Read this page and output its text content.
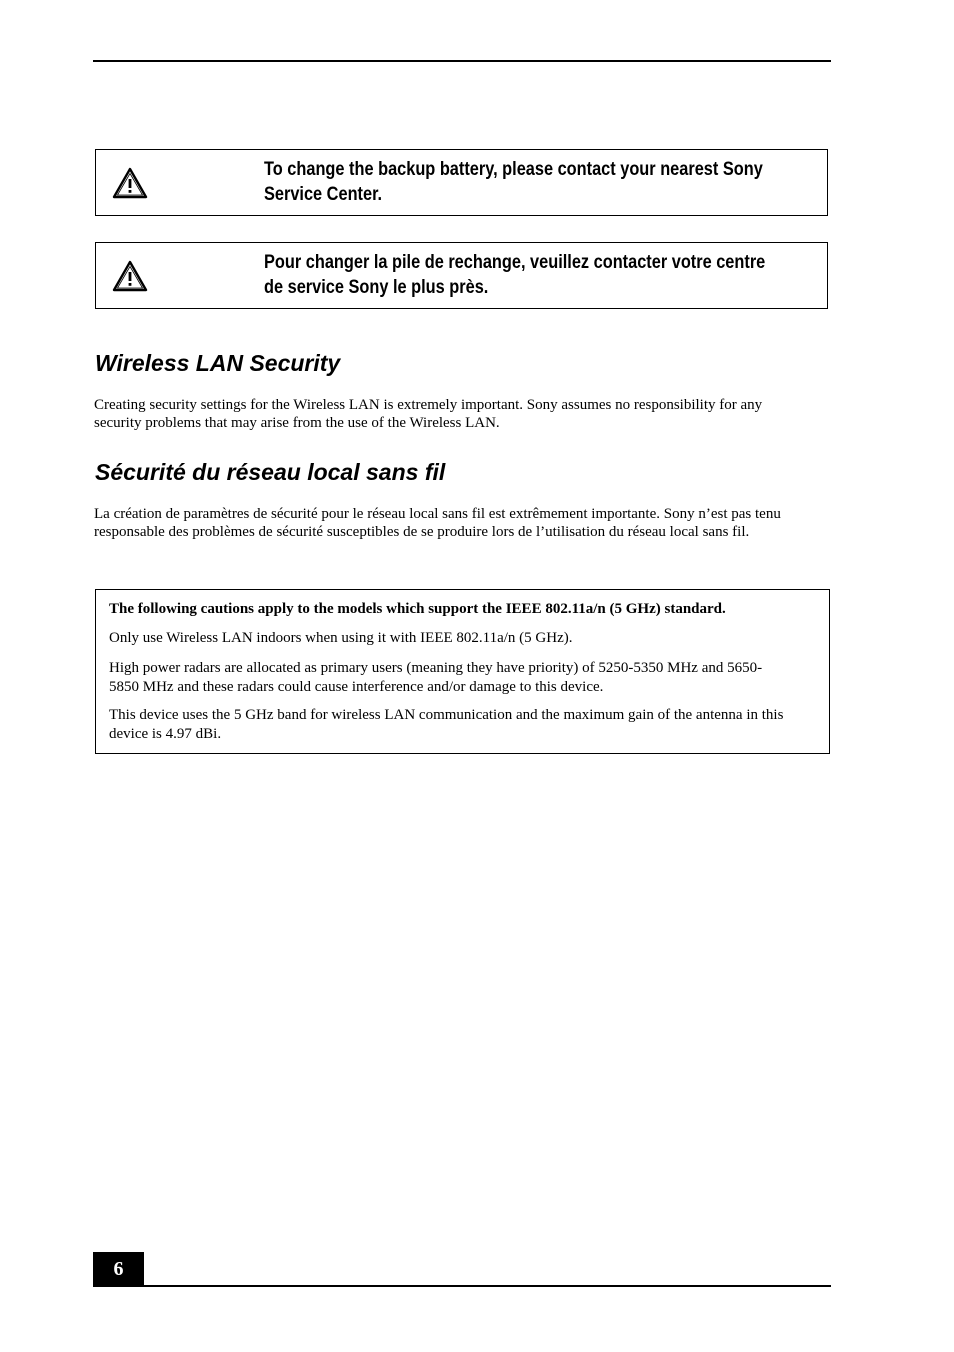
To change the backup battery, please contact your nearest Sony
Service Center.
Pour changer la pile de rechange, veuillez contacter votre centre
de service Sony le plus près.
Wireless LAN Security

Creating security settings for the Wireless LAN is extremely important. Sony assumes no responsibility for any
security problems that may arise from the use of the Wireless LAN.

Sécurité du réseau local sans fil

La création de paramètres de sécurité pour le réseau local sans fil est extrêmement importante. Sony n’est pas tenu
responsable des problèmes de sécurité susceptibles de se produire lors de l’utilisation du réseau local sans fil.

The following cautions apply to the models which support the IEEE 802.11a/n (5 GHz) standard.

Only use Wireless LAN indoors when using it with IEEE 802.11a/n (5 GHz).

High power radars are allocated as primary users (meaning they have priority) of 5250-5350 MHz and 5650-
5850 MHz and these radars could cause interference and/or damage to this device.

This device uses the 5 GHz band for wireless LAN communication and the maximum gain of the antenna in this
device is 4.97 dBi.

6
